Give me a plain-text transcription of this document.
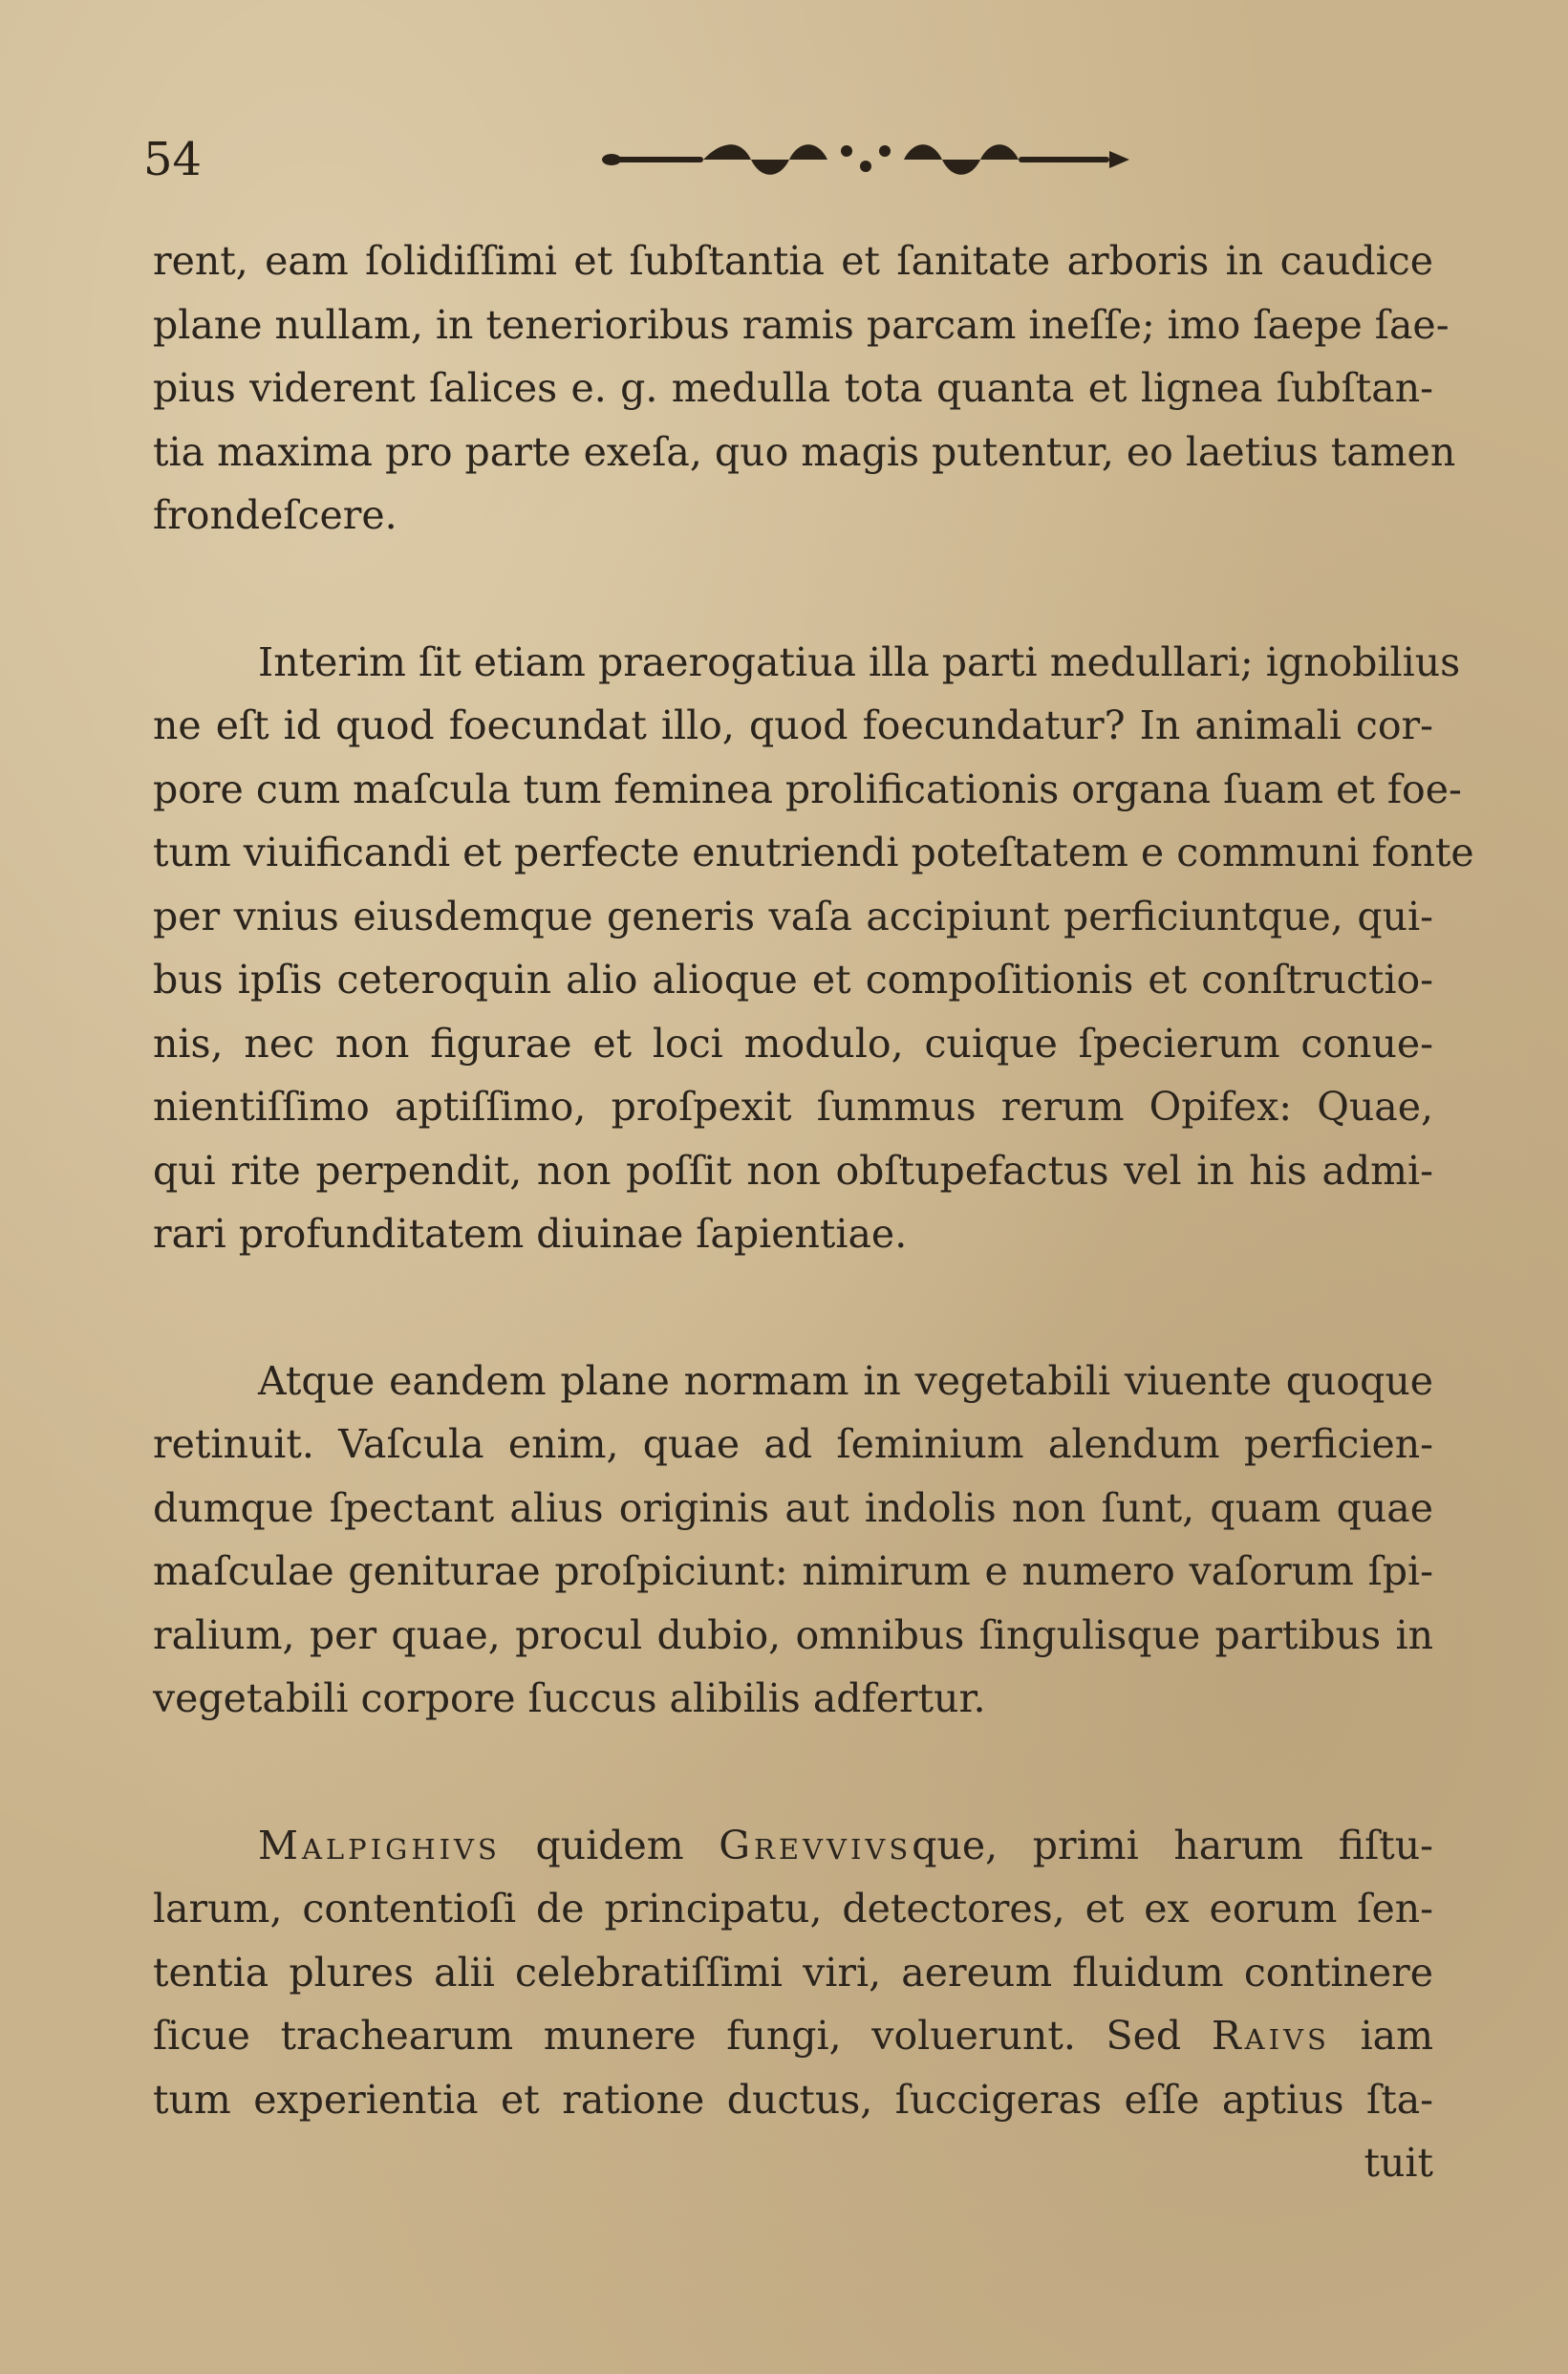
54
rent, eam ſolidiſſimi et ſubſtantia et ſanitate arboris in caudice
plane nullam, in tenerioribus ramis parcam ineſſe; imo ſaepe ſae-
pius viderent ſalices e. g. medulla tota quanta et lignea ſubſtan-
tia maxima pro parte exeſa, quo magis putentur, eo laetius tamen
frondeſcere.
Interim ſit etiam praerogatiua illa parti medullari; ignobilius
ne eſt id quod foecundat illo, quod foecundatur? In animali cor-
pore cum maſcula tum feminea prolificationis organa ſuam et foe-
tum viuificandi et perfecte enutriendi poteſtatem e communi fonte
per vnius eiusdemque generis vaſa accipiunt perficiuntque, qui-
bus ipſis ceteroquin alio alioque et compoſitionis et conſtructio-
nis, nec non figurae et loci modulo, cuique ſpecierum conue-
nientiſſimo aptiſſimo, proſpexit ſummus rerum Opifex: Quae,
qui rite perpendit, non poſſit non obſtupefactus vel in his admi-
rari profunditatem diuinae ſapientiae.
Atque eandem plane normam in vegetabili viuente quoque
retinuit. Vaſcula enim, quae ad ſeminium alendum perficien-
dumque ſpectant alius originis aut indolis non ſunt, quam quae
maſculae geniturae proſpiciunt: nimirum e numero vaſorum ſpi-
ralium, per quae, procul dubio, omnibus ſingulisque partibus in
vegetabili corpore ſuccus alibilis adfertur.
Malpighivs quidem Grevvivsque, primi harum fiſtu-
larum, contentioſi de principatu, detectores, et ex eorum ſen-
tentia plures alii celebratiſſimi viri, aereum fluidum continere
ſicue trachearum munere fungi, voluerunt. Sed Raivs iam
tum experientia et ratione ductus, ſuccigeras eſſe aptius ſta-
tuit
